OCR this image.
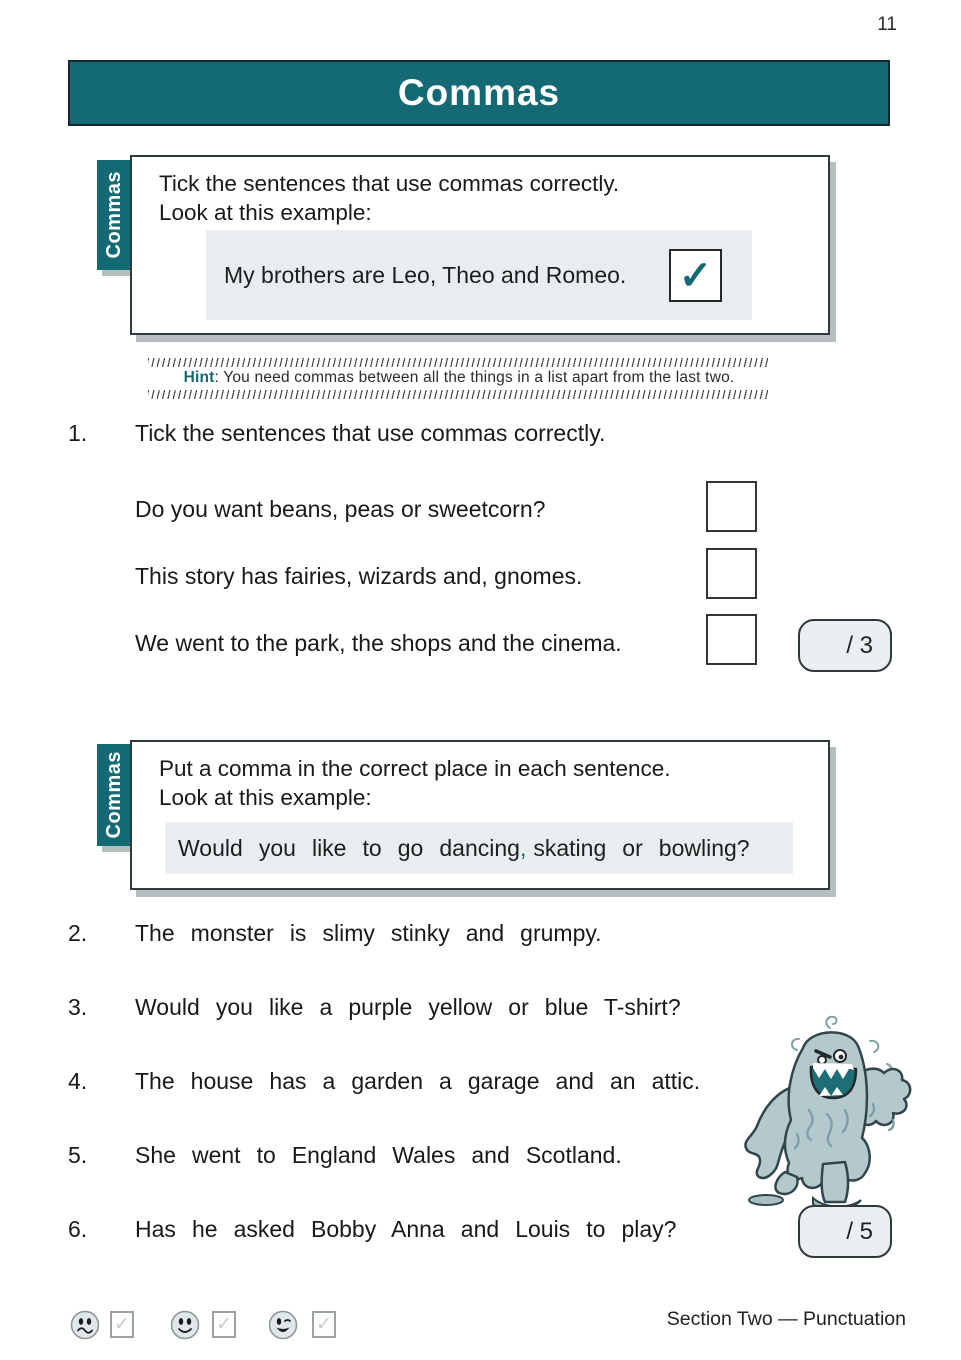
11
Commas
Commas Tick the sentences that use commas correctly.
Look at this example:
My brothers are Leo, Theo and Romeo. ✓
Hint: You need commas between all the things in a list apart from the last two.
1. Tick the sentences that use commas correctly.
Do you want beans, peas or sweetcorn?
This story has fairies, wizards and, gnomes.
We went to the park, the shops and the cinema.	/ 3
Commas Put a comma in the correct place in each sentence.
Look at this example:
Would you like to go dancing, skating or bowling?
2. The monster is slimy stinky and grumpy.
3. Would you like a purple yellow or blue T-shirt?
4. The house has a garden a garage and an attic.
5. She went to England Wales and Scotland.
6. Has he asked Bobby Anna and Louis to play?	/ 5
✓	✓	✓	Section Two — Punctuation
